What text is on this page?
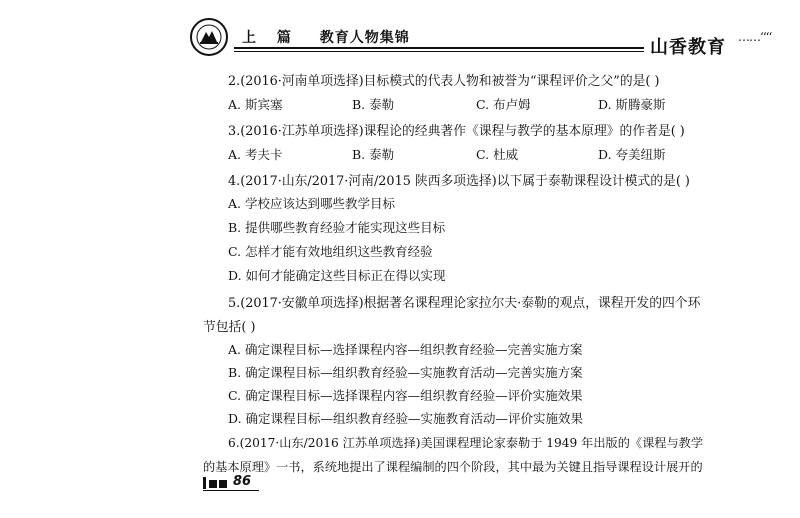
上 篇 教育人物集锦	山香教育 ……‘‘‘‘
2.(2016·河南单项选择)目标模式的代表人物和被誉为“课程评价之父”的是( )
A. 斯宾塞	B. 泰勒	C. 布卢姆	D. 斯腾豪斯
3.(2016·江苏单项选择)课程论的经典著作《课程与教学的基本原理》的作者是( )
A. 考夫卡	B. 泰勒	C. 杜威	D. 夸美纽斯
4.(2017·山东/2017·河南/2015 陕西多项选择)以下属于泰勒课程设计模式的是( )
A. 学校应该达到哪些教学目标
B. 提供哪些教育经验才能实现这些目标
C. 怎样才能有效地组织这些教育经验
D. 如何才能确定这些目标正在得以实现
5.(2017·安徽单项选择)根据著名课程理论家拉尔夫·泰勒的观点，课程开发的四个环
节包括( )
A. 确定课程目标—选择课程内容—组织教育经验—完善实施方案
B. 确定课程目标—组织教育经验—实施教育活动—完善实施方案
C. 确定课程目标—选择课程内容—组织教育经验—评价实施效果
D. 确定课程目标—组织教育经验—实施教育活动—评价实施效果
6.(2017·山东/2016 江苏单项选择)美国课程理论家泰勒于 1949 年出版的《课程与教学
的基本原理》一书，系统地提出了课程编制的四个阶段，其中最为关键且指导课程设计展开的
86
